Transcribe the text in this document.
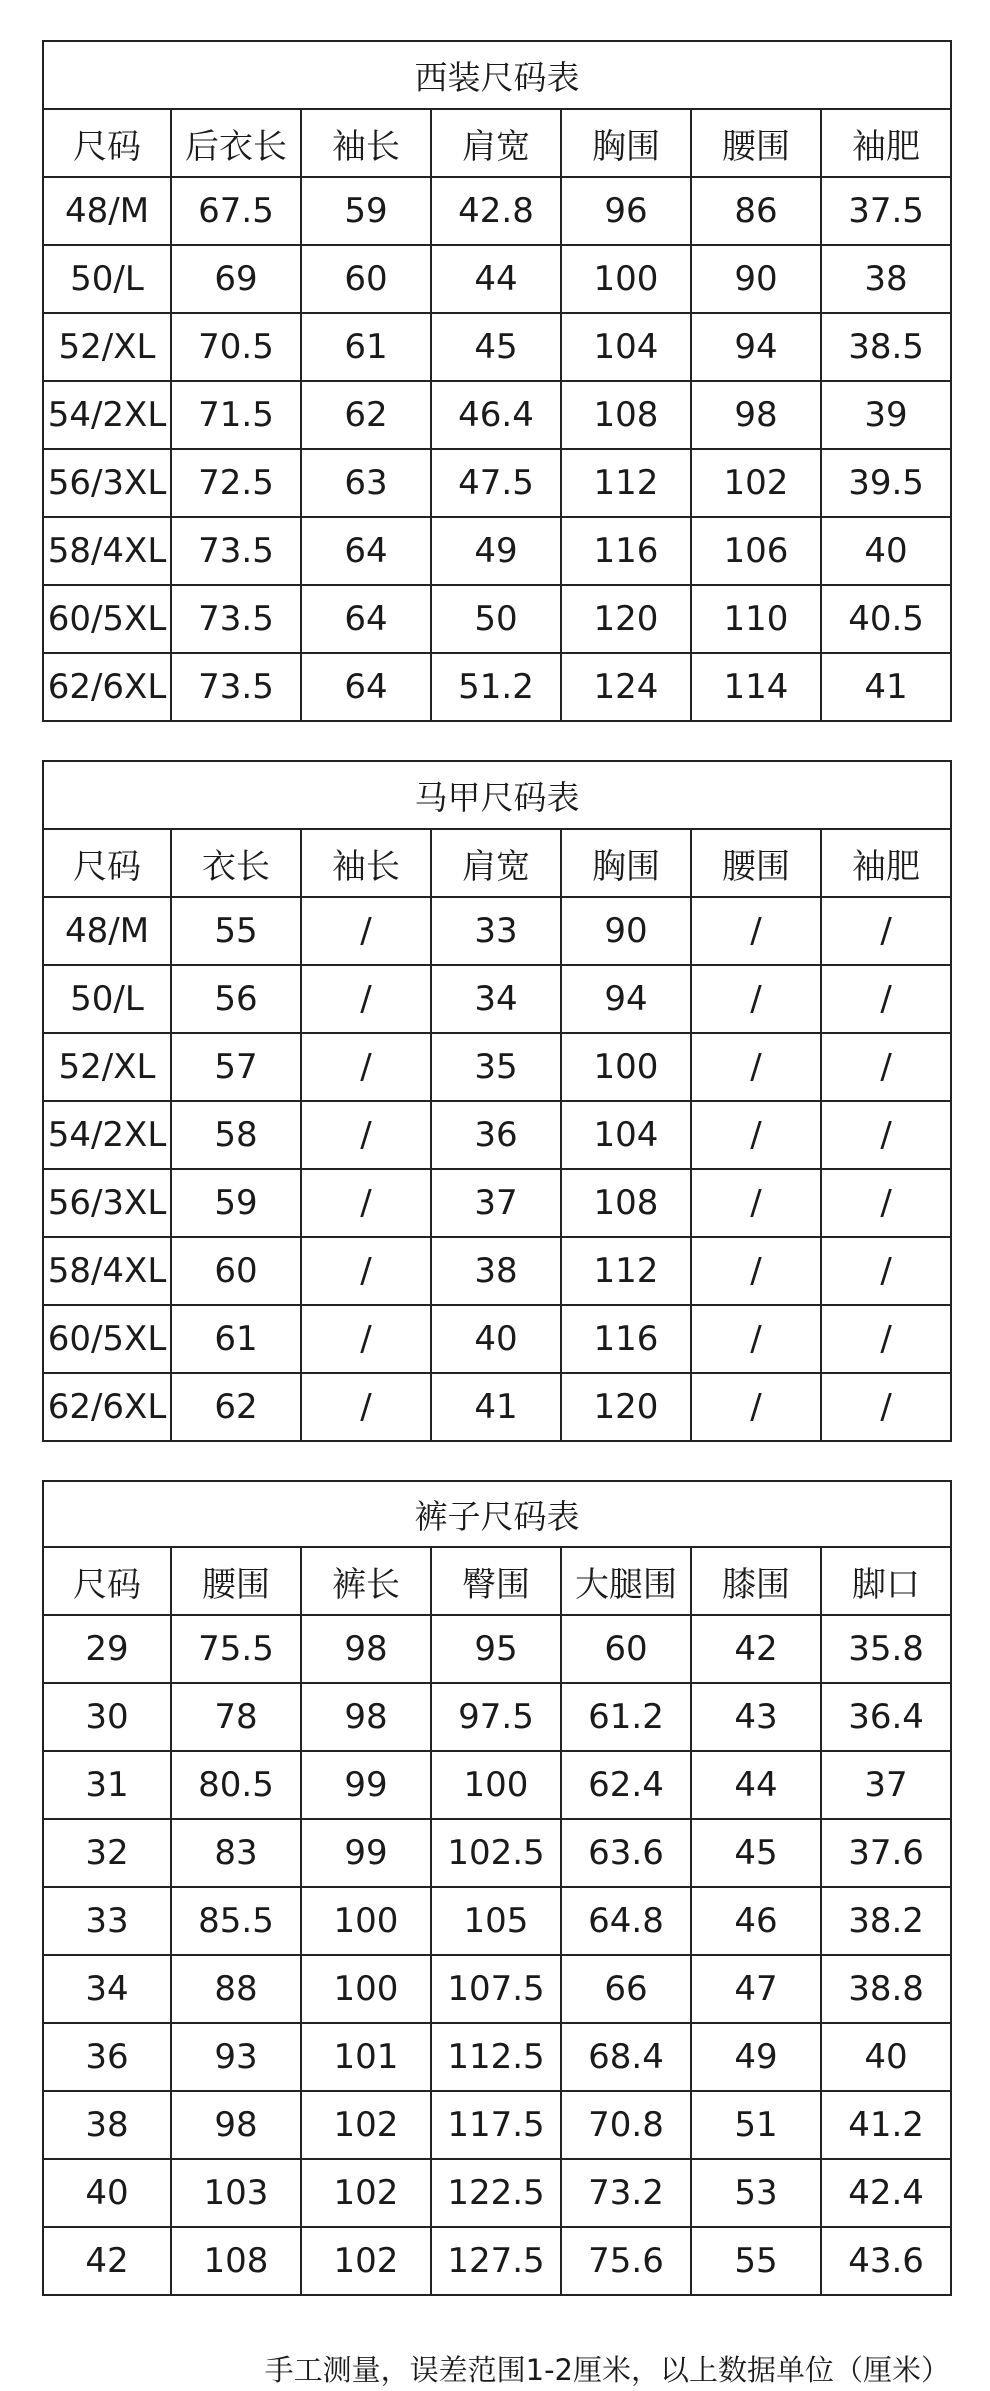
西装尺码表						
尺码	后衣长	袖长	肩宽	胸围	腰围	袖肥
48/M	67.5	59	42.8	96	86	37.5
50/L	69	60	44	100	90	38
52/XL	70.5	61	45	104	94	38.5
54/2XL	71.5	62	46.4	108	98	39
56/3XL	72.5	63	47.5	112	102	39.5
58/4XL	73.5	64	49	116	106	40
60/5XL	73.5	64	50	120	110	40.5
62/6XL	73.5	64	51.2	124	114	41
马甲尺码表						
尺码	衣长	袖长	肩宽	胸围	腰围	袖肥
48/M	55	/	33	90	/	/
50/L	56	/	34	94	/	/
52/XL	57	/	35	100	/	/
54/2XL	58	/	36	104	/	/
56/3XL	59	/	37	108	/	/
58/4XL	60	/	38	112	/	/
60/5XL	61	/	40	116	/	/
62/6XL	62	/	41	120	/	/
裤子尺码表						
尺码	腰围	裤长	臀围	大腿围	膝围	脚口
29	75.5	98	95	60	42	35.8
30	78	98	97.5	61.2	43	36.4
31	80.5	99	100	62.4	44	37
32	83	99	102.5	63.6	45	37.6
33	85.5	100	105	64.8	46	38.2
34	88	100	107.5	66	47	38.8
36	93	101	112.5	68.4	49	40
38	98	102	117.5	70.8	51	41.2
40	103	102	122.5	73.2	53	42.4
42	108	102	127.5	75.6	55	43.6
手工测量，误差范围1-2厘米，以上数据单位（厘米）
